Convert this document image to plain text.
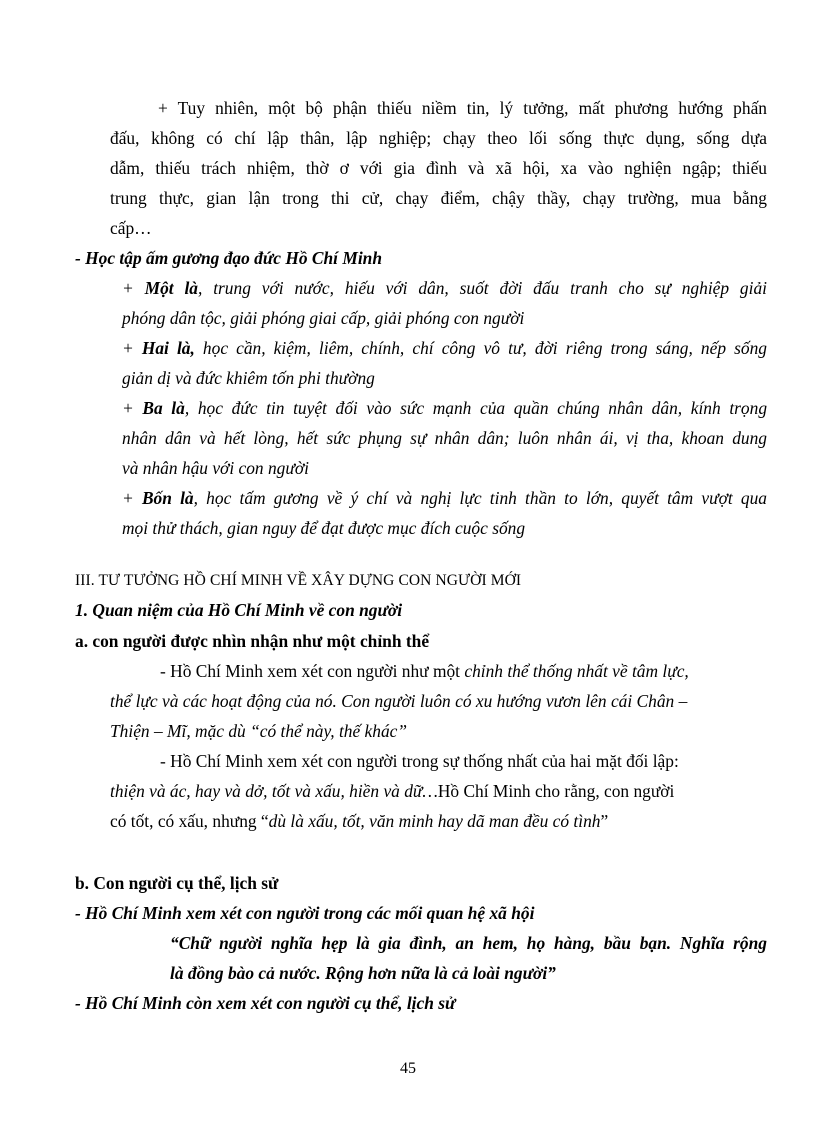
+ Tuy nhiên, một bộ phận thiếu niềm tin, lý tưởng, mất phương hướng phấn
đấu, không có chí lập thân, lập nghiệp; chạy theo lối sống thực dụng, sống dựa
dẫm, thiếu trách nhiệm, thờ ơ với gia đình và xã hội, xa vào nghiện ngập; thiếu
trung thực, gian lận trong thi cử, chạy điểm, chậy thầy, chạy trường, mua bằng
cấp…
- Học tập ấm gương đạo đức Hồ Chí Minh
+ Một là, trung với nước, hiếu với dân, suốt đời đấu tranh cho sự nghiệp giải
phóng dân tộc, giải phóng giai cấp, giải phóng con người
+ Hai là, học cần, kiệm, liêm, chính, chí công vô tư, đời riêng trong sáng, nếp sống
giản dị và đức khiêm tốn phi thường
+ Ba là, học đức tin tuyệt đối vào sức mạnh của quần chúng nhân dân, kính trọng
nhân dân và hết lòng, hết sức phụng sự nhân dân; luôn nhân ái, vị tha, khoan dung
và nhân hậu với con người
+ Bốn là, học tấm gương về ý chí và nghị lực tinh thần to lớn, quyết tâm vượt qua
mọi thử thách, gian nguy để đạt được mục đích cuộc sống
III. TƯ TƯỞNG HỒ CHÍ MINH VỀ XÂY DỰNG CON NGƯỜI MỚI
1. Quan niệm của Hồ Chí Minh về con người
a. con người được nhìn nhận như một chỉnh thể
- Hồ Chí Minh xem xét con người như một chỉnh thể thống nhất về tâm lực,
thể lực và các hoạt động của nó. Con người luôn có xu hướng vươn lên cái Chân –
Thiện – Mĩ, mặc dù “có thể này, thế khác”
- Hồ Chí Minh xem xét con người trong sự thống nhất của hai mặt đối lập:
thiện và ác, hay và dở, tốt và xấu, hiền và dữ…Hồ Chí Minh cho rằng, con người
có tốt, có xấu, nhưng “dù là xấu, tốt, văn minh hay dã man đều có tình”
b. Con người cụ thể, lịch sử
- Hồ Chí Minh xem xét con người trong các mối quan hệ xã hội
“Chữ người nghĩa hẹp là gia đình, an hem, họ hàng, bầu bạn. Nghĩa rộng
là đồng bào cả nước. Rộng hơn nữa là cả loài người”
- Hồ Chí Minh còn xem xét con người cụ thể, lịch sử
45
